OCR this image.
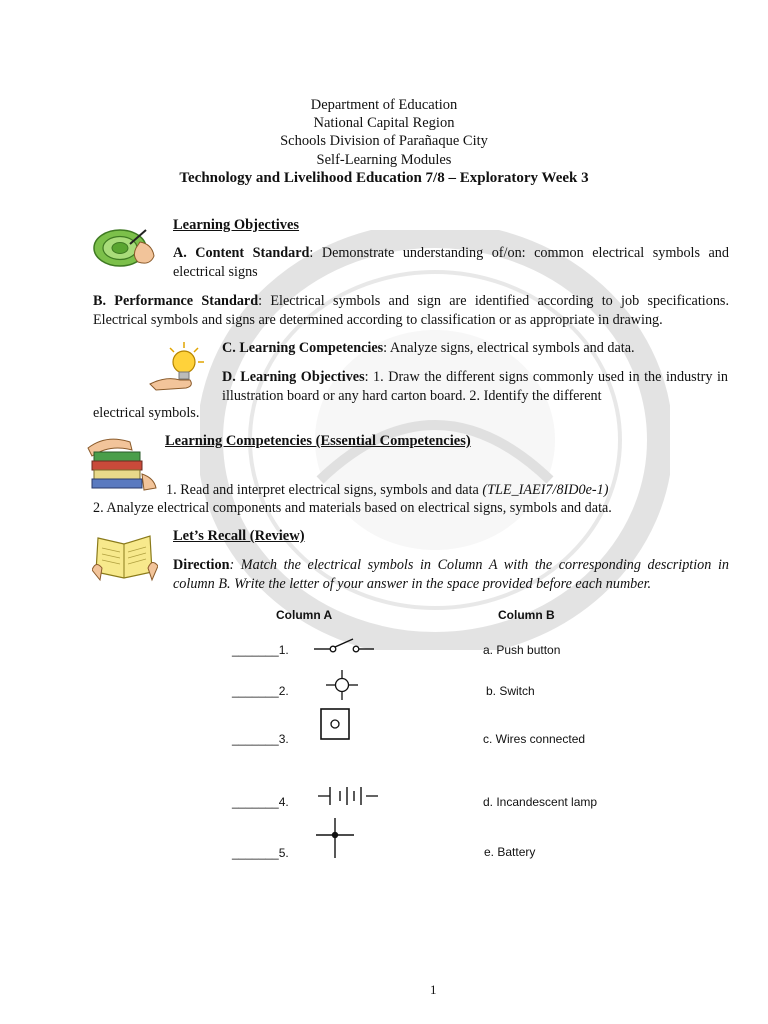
Department of Education
National Capital Region
Schools Division of Parañaque City
Self-Learning Modules
Technology and Livelihood Education 7/8 – Exploratory Week 3
Learning Objectives
A. Content Standard: Demonstrate understanding of/on: common electrical symbols and electrical signs
B. Performance Standard: Electrical symbols and sign are identified according to job specifications. Electrical symbols and signs are determined according to classification or as appropriate in drawing.
C. Learning Competencies: Analyze signs, electrical symbols and data.
D. Learning Objectives: 1. Draw the different signs commonly used in the industry in illustration board or any hard carton board. 2. Identify the different
electrical symbols.
Learning Competencies (Essential Competencies)
1. Read and interpret electrical signs, symbols and data (TLE_IAEI7/8ID0e-1)
2. Analyze electrical components and materials based on electrical signs, symbols and data.
Let’s Recall (Review)
Direction: Match the electrical symbols in Column A with the corresponding description in column B. Write the letter of your answer in the space provided before each number.
Column A	Column B
_______1.	a. Push button
_______2.	b. Switch
_______3.	c. Wires connected
_______4.	d. Incandescent lamp
_______5.	e. Battery
1
